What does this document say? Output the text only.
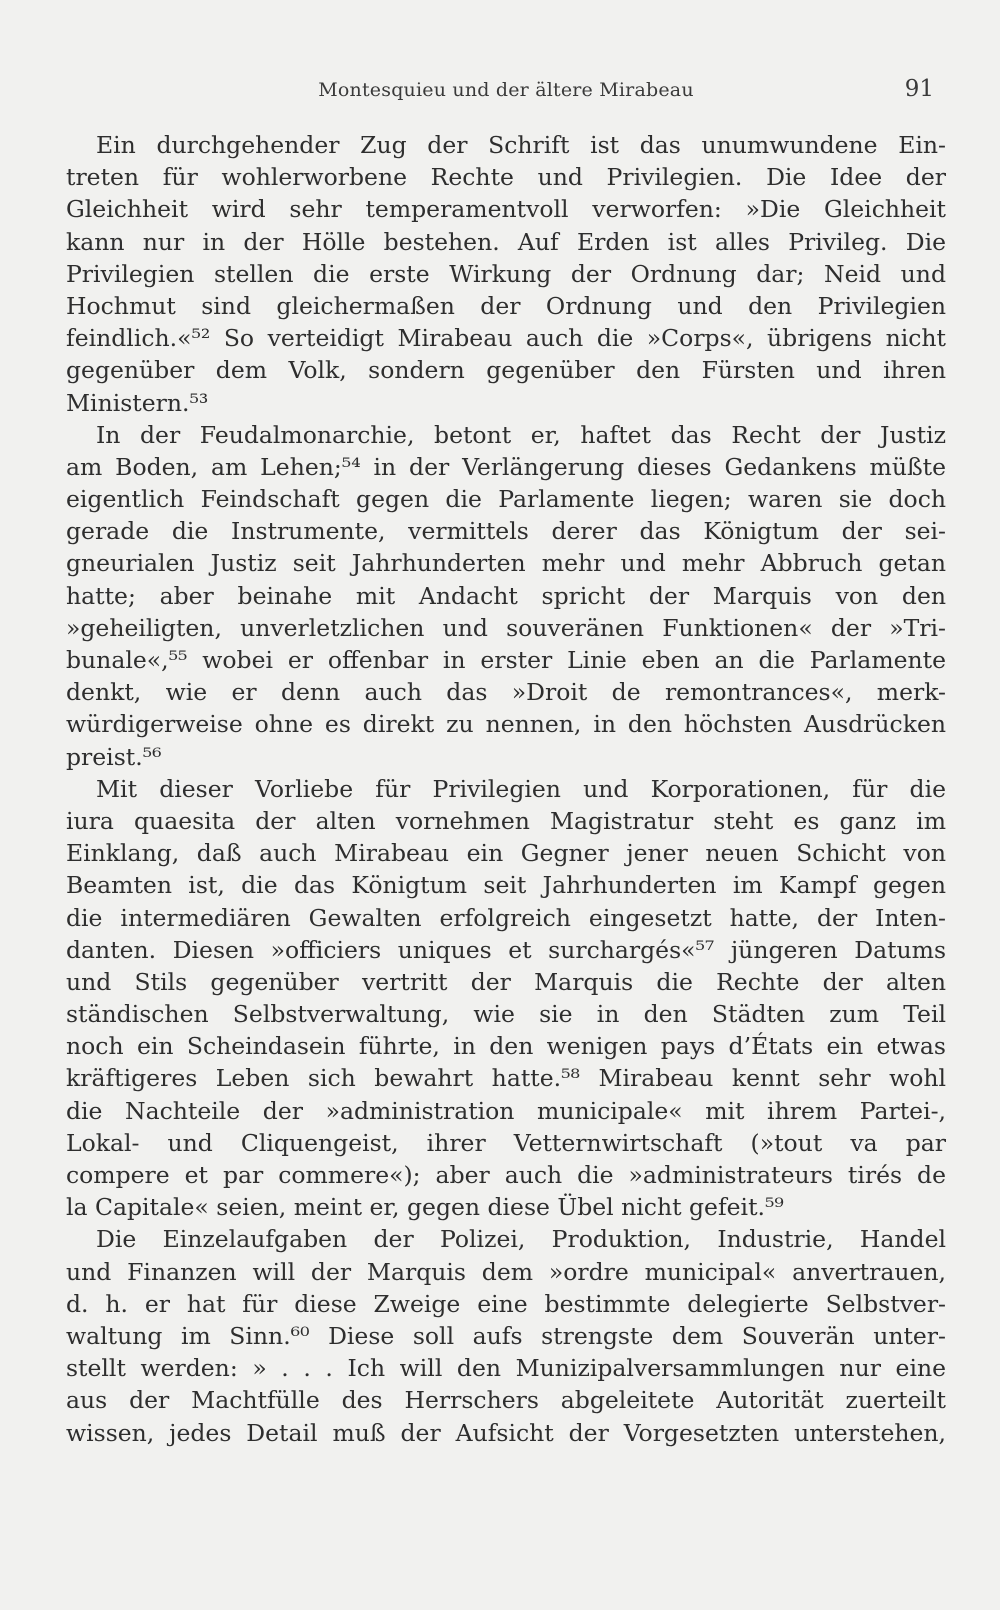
Montesquieu und der ältere Mirabeau	91
Ein durchgehender Zug der Schrift ist das unumwundene Ein-
treten für wohlerworbene Rechte und Privilegien. Die Idee der
Gleichheit wird sehr temperamentvoll verworfen: »Die Gleichheit
kann nur in der Hölle bestehen. Auf Erden ist alles Privileg. Die
Privilegien stellen die erste Wirkung der Ordnung dar; Neid und
Hochmut sind gleichermaßen der Ordnung und den Privilegien
feindlich.«⁵² So verteidigt Mirabeau auch die »Corps«, übrigens nicht
gegenüber dem Volk, sondern gegenüber den Fürsten und ihren
Ministern.⁵³
In der Feudalmonarchie, betont er, haftet das Recht der Justiz
am Boden, am Lehen;⁵⁴ in der Verlängerung dieses Gedankens müßte
eigentlich Feindschaft gegen die Parlamente liegen; waren sie doch
gerade die Instrumente, vermittels derer das Königtum der sei-
gneurialen Justiz seit Jahrhunderten mehr und mehr Abbruch getan
hatte; aber beinahe mit Andacht spricht der Marquis von den
»geheiligten, unverletzlichen und souveränen Funktionen« der »Tri-
bunale«,⁵⁵ wobei er offenbar in erster Linie eben an die Parlamente
denkt, wie er denn auch das »Droit de remontrances«, merk-
würdigerweise ohne es direkt zu nennen, in den höchsten Ausdrücken
preist.⁵⁶
Mit dieser Vorliebe für Privilegien und Korporationen, für die
iura quaesita der alten vornehmen Magistratur steht es ganz im
Einklang, daß auch Mirabeau ein Gegner jener neuen Schicht von
Beamten ist, die das Königtum seit Jahrhunderten im Kampf gegen
die intermediären Gewalten erfolgreich eingesetzt hatte, der Inten-
danten. Diesen »officiers uniques et surchargés«⁵⁷ jüngeren Datums
und Stils gegenüber vertritt der Marquis die Rechte der alten
ständischen Selbstverwaltung, wie sie in den Städten zum Teil
noch ein Scheindasein führte, in den wenigen pays d’États ein etwas
kräftigeres Leben sich bewahrt hatte.⁵⁸ Mirabeau kennt sehr wohl
die Nachteile der »administration municipale« mit ihrem Partei-,
Lokal- und Cliquengeist, ihrer Vetternwirtschaft (»tout va par
compere et par commere«); aber auch die »administrateurs tirés de
la Capitale« seien, meint er, gegen diese Übel nicht gefeit.⁵⁹
Die Einzelaufgaben der Polizei, Produktion, Industrie, Handel
und Finanzen will der Marquis dem »ordre municipal« anvertrauen,
d. h. er hat für diese Zweige eine bestimmte delegierte Selbstver-
waltung im Sinn.⁶⁰ Diese soll aufs strengste dem Souverän unter-
stellt werden: » . . . Ich will den Munizipalversammlungen nur eine
aus der Machtfülle des Herrschers abgeleitete Autorität zuerteilt
wissen, jedes Detail muß der Aufsicht der Vorgesetzten unterstehen,
